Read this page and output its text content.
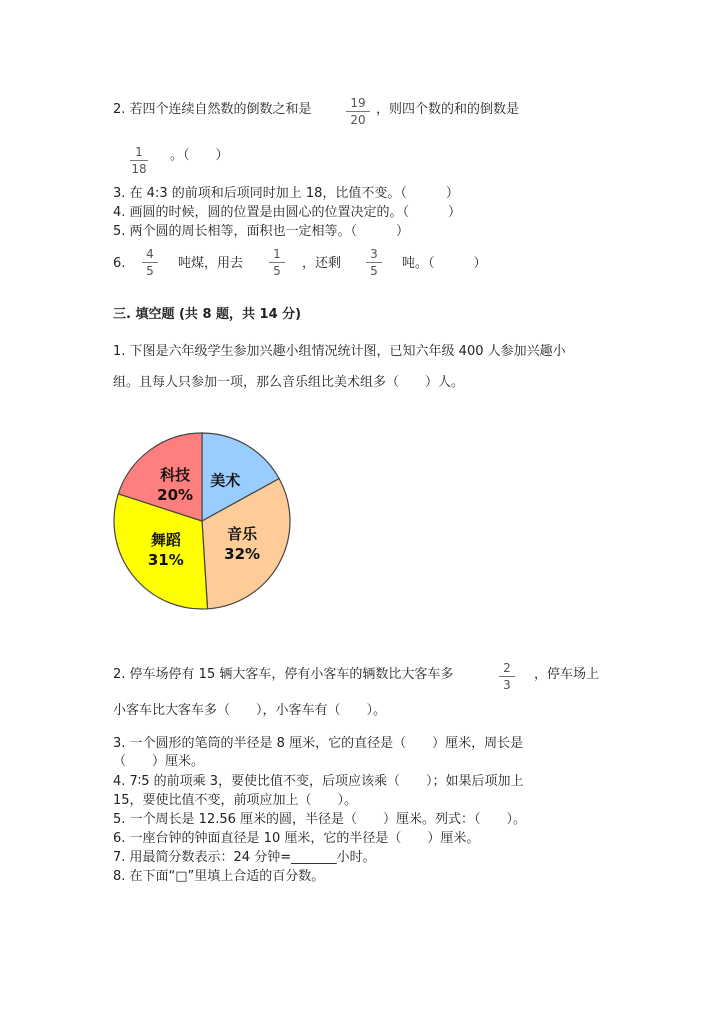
2. 若四个连续自然数的倒数之和是	19
20
，则四个数的和的倒数是
1
18
。（　　）
3. 在 4:3 的前项和后项同时加上 18，比值不变。（　　　）
4. 画圆的时候，圆的位置是由圆心的位置决定的。（　　　）
5. 两个圆的周长相等，面积也一定相等。（　　　）
6.
4
5	吨煤，用去
1
5	，还剩
3
5	吨。（　　　）
三. 填空题 (共 8 题，共 14 分)
1. 下图是六年级学生参加兴趣小组情况统计图，已知六年级 400 人参加兴趣小
组。且每人只参加一项，那么音乐组比美术组多（　　）人。
美术
音乐
32%
舞蹈
31%
科技
20%
2. 停车场停有 15 辆大客车，停有小客车的辆数比大客车多	2
3
，停车场上
小客车比大客车多（　　），小客车有（　　）。
3. 一个圆形的笔筒的半径是 8 厘米，它的直径是（　　）厘米，周长是
（　　）厘米。
4. 7∶5 的前项乘 3，要使比值不变，后项应该乘（　　）；如果后项加上
15，要使比值不变，前项应加上（　　）。
5. 一个周长是 12.56 厘米的圆，半径是（　　）厘米。列式：（　　）。
6. 一座台钟的钟面直径是 10 厘米，它的半径是（　　）厘米。
7. 用最简分数表示：24 分钟=_______小时。
8. 在下面“□”里填上合适的百分数。
